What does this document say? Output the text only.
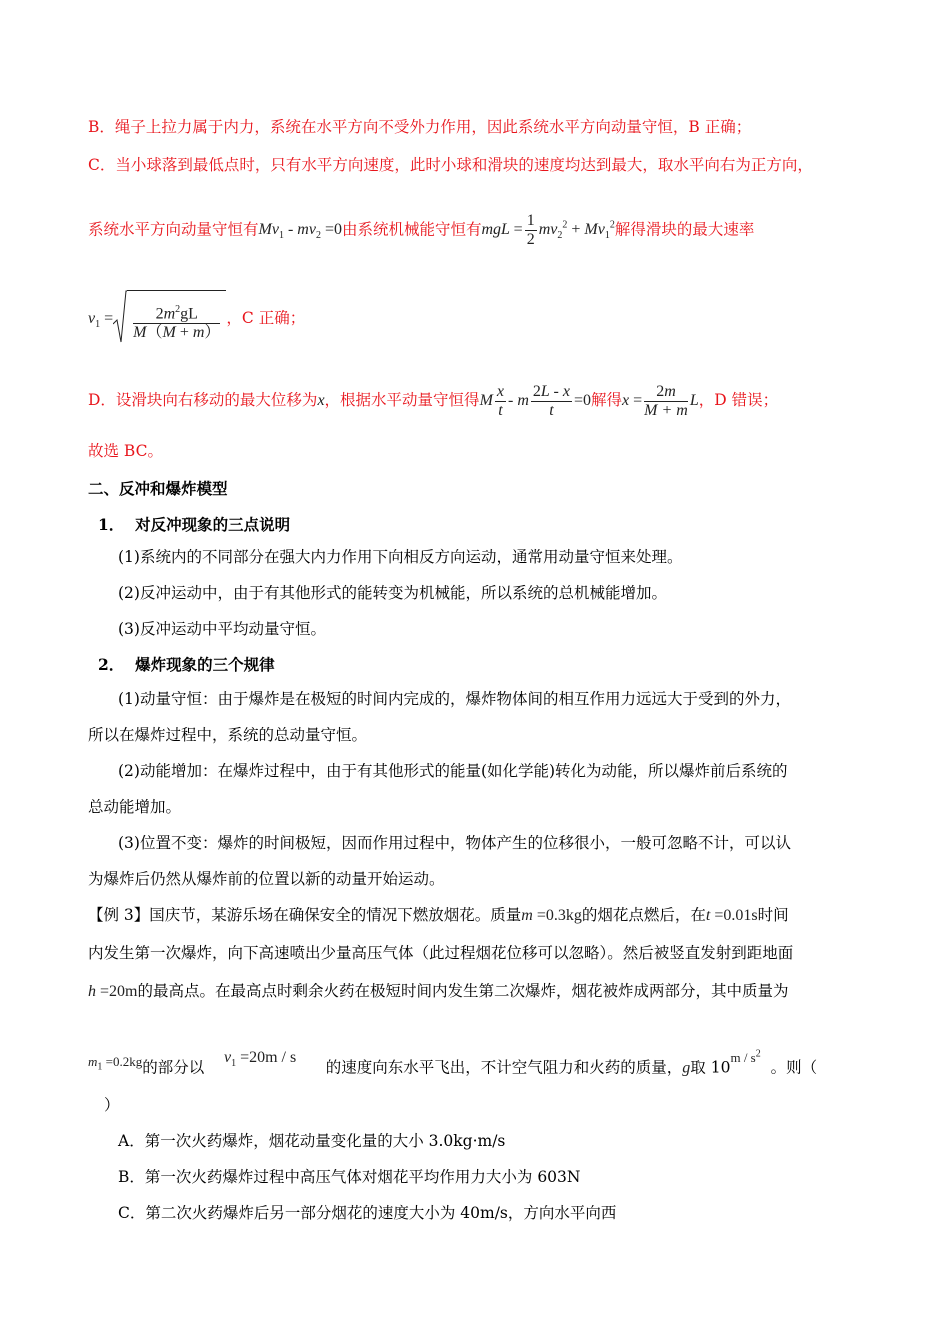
B．绳子上拉力属于内力，系统在水平方向不受外力作用，因此系统水平方向动量守恒，B 正确；
C．当小球落到最低点时，只有水平方向速度，此时小球和滑块的速度均达到最大，取水平向右为正方向，
系统水平方向动量守恒有$Mv_1 - mv_2 =0$由系统机械能守恒有mgL = $\frac{1}{2} mv_2^2 + Mv_1^2$解得滑块的最大速率
$v_1 = \frac{2m^2gL}{M(M + m)}$ ，C 正确；
D．设滑块向右移动的最大位移为x，根据水平动量守恒得M $\frac{x}{t} - m \frac{2L - x}{t} =0$解得$x = \frac{2m}{M + m}$ L，D 错误；
故选 BC。
二、反冲和爆炸模型
1． 对反冲现象的三点说明
(1)系统内的不同部分在强大内力作用下向相反方向运动，通常用动量守恒来处理。
(2)反冲运动中，由于有其他形式的能转变为机械能，所以系统的总机械能增加。
(3)反冲运动中平均动量守恒。
2． 爆炸现象的三个规律
(1)动量守恒：由于爆炸是在极短的时间内完成的，爆炸物体间的相互作用力远远大于受到的外力，
所以在爆炸过程中，系统的总动量守恒。
(2)动能增加：在爆炸过程中，由于有其他形式的能量(如化学能)转化为动能，所以爆炸前后系统的
总动能增加。
(3)位置不变：爆炸的时间极短，因而作用过程中，物体产生的位移很小，一般可忽略不计，可以认
为爆炸后仍然从爆炸前的位置以新的动量开始运动。
【例 3】国庆节，某游乐场在确保安全的情况下燃放烟花。质量m =0.3kg的烟花点燃后，在t =0.01s时间
内发生第一次爆炸，向下高速喷出少量高压气体（此过程烟花位移可以忽略）。然后被竖直发射到距地面
h =20m的最高点。在最高点时剩余火药在极短时间内发生第二次爆炸，烟花被炸成两部分，其中质量为
$^{m_1 =0.2kg}$的部分以    $v_1 =20m / s$      的速度向东水平飞出，不计空气阻力和火药的质量，g取 $10^{m / s^2}$  。则（
）
A．第一次火药爆炸，烟花动量变化量的大小 3.0kg·m/s
B．第一次火药爆炸过程中高压气体对烟花平均作用力大小为 603N
C．第二次火药爆炸后另一部分烟花的速度大小为 40m/s，方向水平向西
